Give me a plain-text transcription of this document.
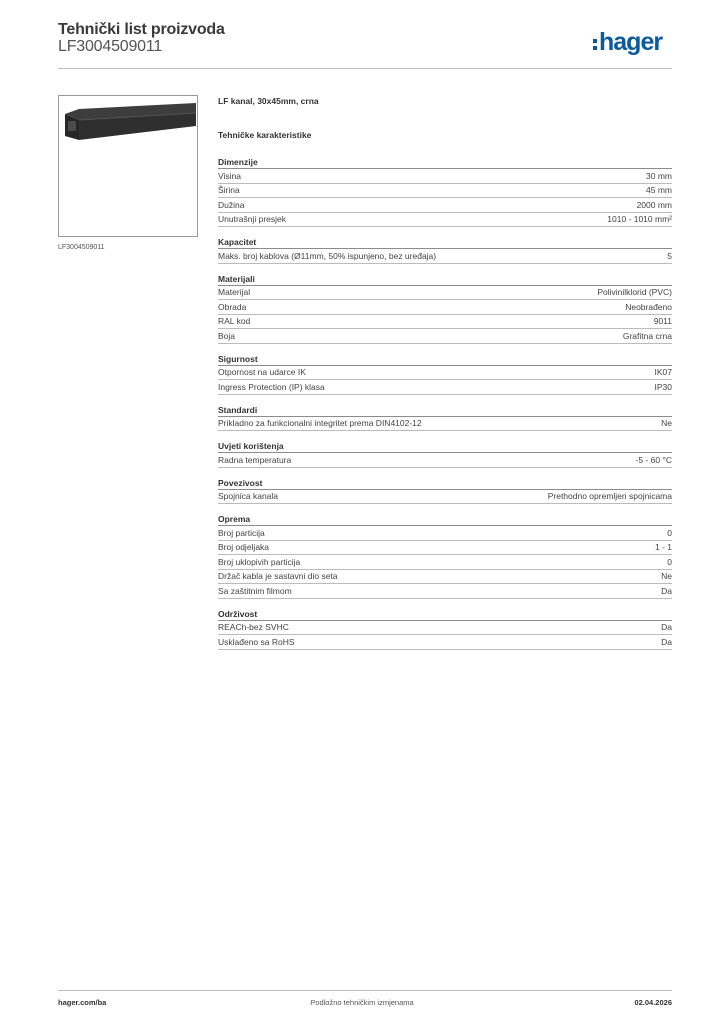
Tehnički list proizvoda
LF3004509011	hager
LF3004509011
LF kanal, 30x45mm, crna
Tehničke karakteristike
Dimenzije
Visina	30 mm
Širina	45 mm
Dužina	2000 mm
Unutrašnji presjek	1010 - 1010 mm²
Kapacitet
Maks. broj kablova (Ø11mm, 50% ispunjeno, bez uređaja)	5
Materijali
Materijal	Polivinilklorid (PVC)
Obrada	Neobrađeno
RAL kod	9011
Boja	Grafitna crna
Sigurnost
Otpornost na udarce IK	IK07
Ingress Protection (IP) klasa	IP30
Standardi
Prikladno za funkcionalni integritet prema DIN4102-12	Ne
Uvjeti korištenja
Radna temperatura	-5 - 60 °C
Povezivost
Spojnica kanala	Prethodno opremljen spojnicama
Oprema
Broj particija	0
Broj odjeljaka	1 - 1
Broj uklopivih particija	0
Držač kabla je sastavni dio seta	Ne
Sa zaštitnim filmom	Da
Održivost
REACh-bez SVHC	Da
Usklađeno sa RoHS	Da
hager.com/ba	Podložno tehničkim izmjenama	02.04.2026
